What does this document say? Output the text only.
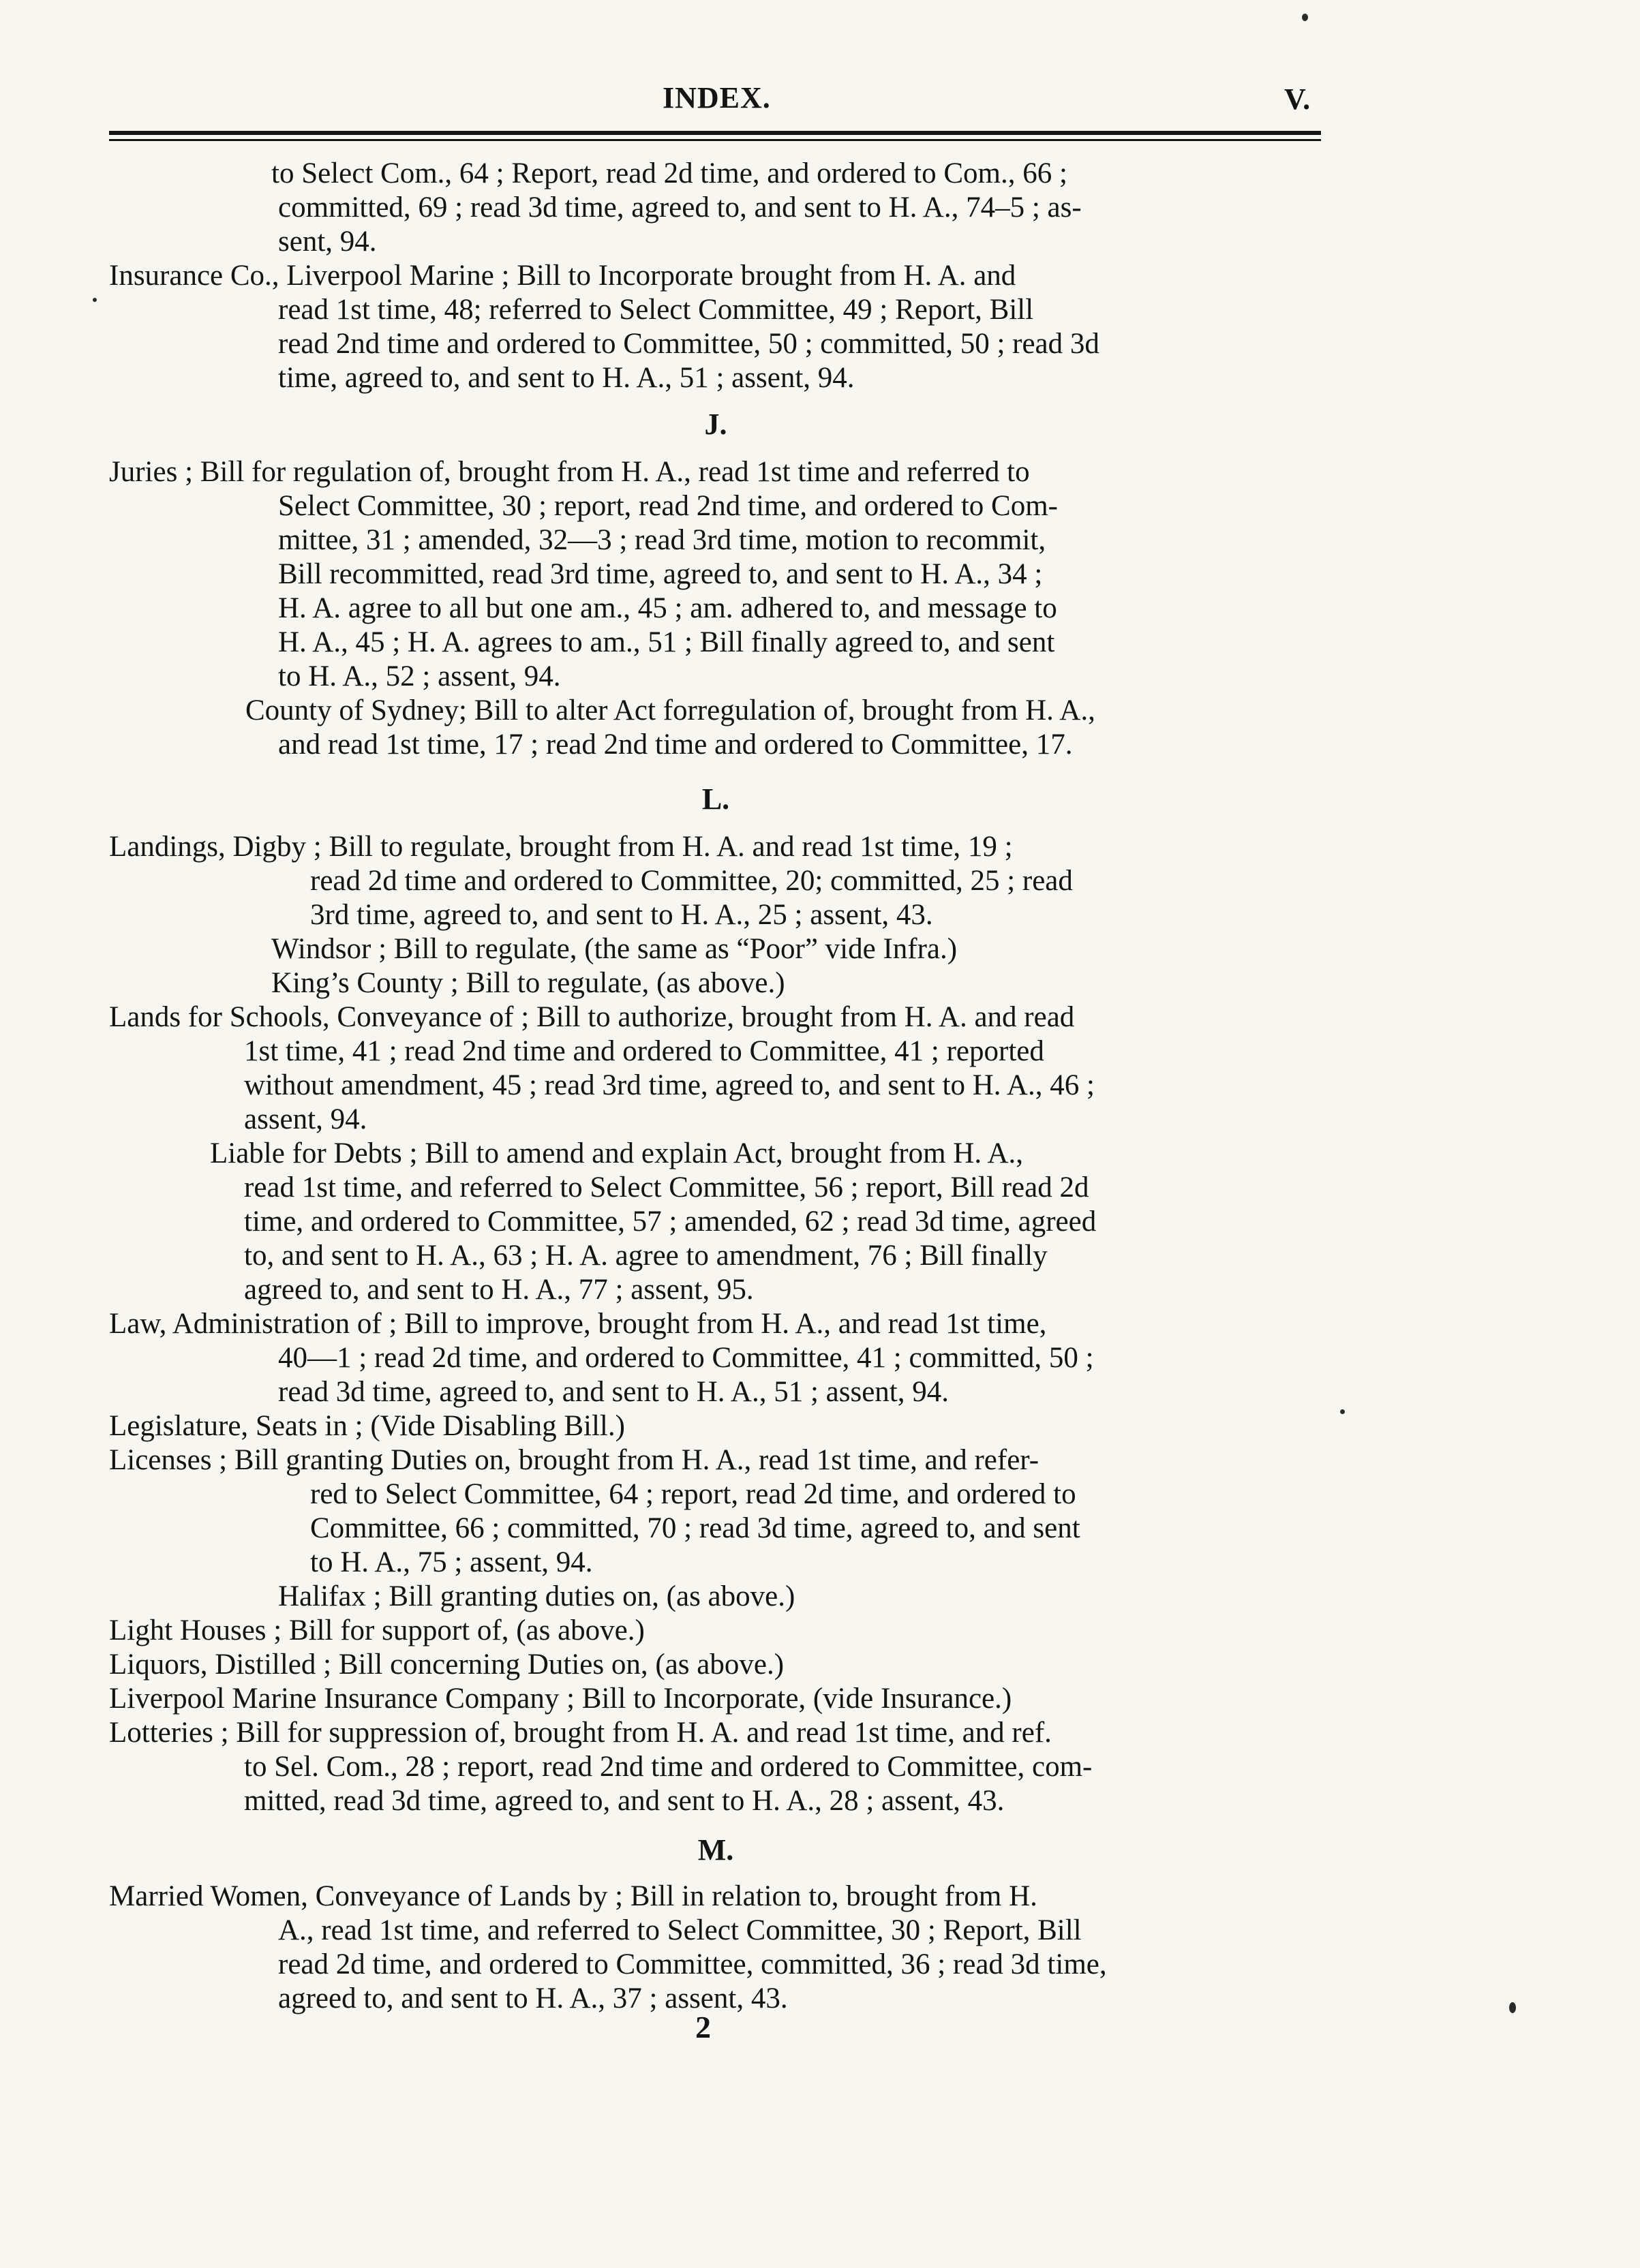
INDEX.	V.
to Select Com., 64 ; Report, read 2d time, and ordered to Com., 66 ;
committed, 69 ; read 3d time, agreed to, and sent to H. A., 74–5 ; as-
sent, 94.
Insurance Co., Liverpool Marine ; Bill to Incorporate brought from H. A. and
read 1st time, 48; referred to Select Committee, 49 ; Report, Bill
read 2nd time and ordered to Committee, 50 ; committed, 50 ; read 3d
time, agreed to, and sent to H. A., 51 ; assent, 94.
J.
Juries ; Bill for regulation of, brought from H. A., read 1st time and referred to
Select Committee, 30 ; report, read 2nd time, and ordered to Com-
mittee, 31 ; amended, 32—3 ; read 3rd time, motion to recommit,
Bill recommitted, read 3rd time, agreed to, and sent to H. A., 34 ;
H. A. agree to all but one am., 45 ; am. adhered to, and message to
H. A., 45 ; H. A. agrees to am., 51 ; Bill finally agreed to, and sent
to H. A., 52 ; assent, 94.
County of Sydney; Bill to alter Act forregulation of, brought from H. A.,
and read 1st time, 17 ; read 2nd time and ordered to Committee, 17.
L.
Landings, Digby ; Bill to regulate, brought from H. A. and read 1st time, 19 ;
read 2d time and ordered to Committee, 20; committed, 25 ; read
3rd time, agreed to, and sent to H. A., 25 ; assent, 43.
Windsor ; Bill to regulate, (the same as “Poor” vide Infra.)
King’s County ; Bill to regulate, (as above.)
Lands for Schools, Conveyance of ; Bill to authorize, brought from H. A. and read
1st time, 41 ; read 2nd time and ordered to Committee, 41 ; reported
without amendment, 45 ; read 3rd time, agreed to, and sent to H. A., 46 ;
assent, 94.
Liable for Debts ; Bill to amend and explain Act, brought from H. A.,
read 1st time, and referred to Select Committee, 56 ; report, Bill read 2d
time, and ordered to Committee, 57 ; amended, 62 ; read 3d time, agreed
to, and sent to H. A., 63 ; H. A. agree to amendment, 76 ; Bill finally
agreed to, and sent to H. A., 77 ; assent, 95.
Law, Administration of ; Bill to improve, brought from H. A., and read 1st time,
40—1 ; read 2d time, and ordered to Committee, 41 ; committed, 50 ;
read 3d time, agreed to, and sent to H. A., 51 ; assent, 94.
Legislature, Seats in ; (Vide Disabling Bill.)
Licenses ; Bill granting Duties on, brought from H. A., read 1st time, and refer-
red to Select Committee, 64 ; report, read 2d time, and ordered to
Committee, 66 ; committed, 70 ; read 3d time, agreed to, and sent
to H. A., 75 ; assent, 94.
Halifax ; Bill granting duties on, (as above.)
Light Houses ; Bill for support of, (as above.)
Liquors, Distilled ; Bill concerning Duties on, (as above.)
Liverpool Marine Insurance Company ; Bill to Incorporate, (vide Insurance.)
Lotteries ; Bill for suppression of, brought from H. A. and read 1st time, and ref.
to Sel. Com., 28 ; report, read 2nd time and ordered to Committee, com-
mitted, read 3d time, agreed to, and sent to H. A., 28 ; assent, 43.
M.
Married Women, Conveyance of Lands by ; Bill in relation to, brought from H.
A., read 1st time, and referred to Select Committee, 30 ; Report, Bill
read 2d time, and ordered to Committee, committed, 36 ; read 3d time,
agreed to, and sent to H. A., 37 ; assent, 43.
2
